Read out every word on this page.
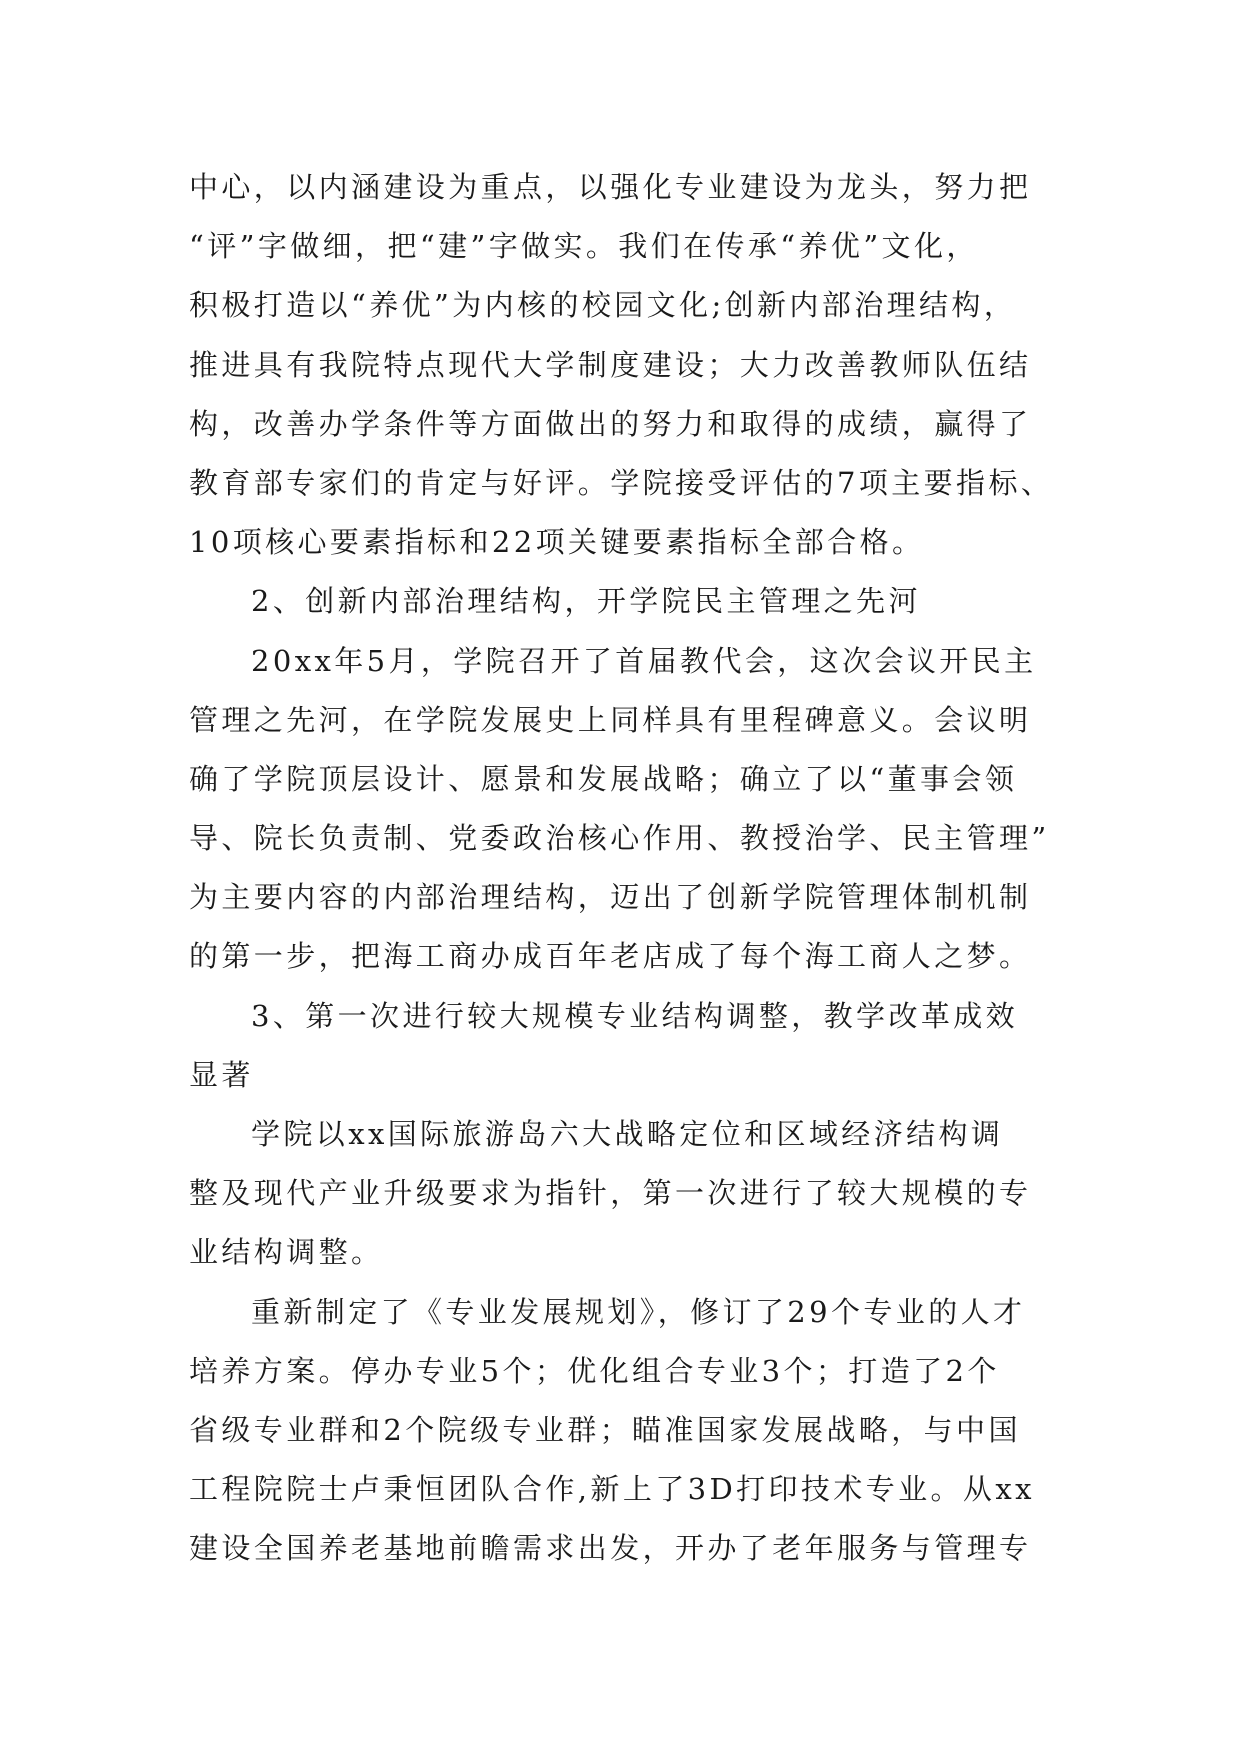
中心，以内涵建设为重点，以强化专业建设为龙头，努力把
“评”字做细，把“建”字做实。我们在传承“养优”文化，
积极打造以“养优”为内核的校园文化;创新内部治理结构，
推进具有我院特点现代大学制度建设；大力改善教师队伍结
构，改善办学条件等方面做出的努力和取得的成绩，赢得了
教育部专家们的肯定与好评。学院接受评估的7项主要指标、
10项核心要素指标和22项关键要素指标全部合格。
2、创新内部治理结构，开学院民主管理之先河
20xx年5月，学院召开了首届教代会，这次会议开民主
管理之先河，在学院发展史上同样具有里程碑意义。会议明
确了学院顶层设计、愿景和发展战略；确立了以“董事会领
导、院长负责制、党委政治核心作用、教授治学、民主管理”
为主要内容的内部治理结构，迈出了创新学院管理体制机制
的第一步，把海工商办成百年老店成了每个海工商人之梦。
3、第一次进行较大规模专业结构调整，教学改革成效
显著
学院以xx国际旅游岛六大战略定位和区域经济结构调
整及现代产业升级要求为指针，第一次进行了较大规模的专
业结构调整。
重新制定了《专业发展规划》，修订了29个专业的人才
培养方案。停办专业5个；优化组合专业3个；打造了2个
省级专业群和2个院级专业群；瞄准国家发展战略，与中国
工程院院士卢秉恒团队合作,新上了3D打印技术专业。从xx
建设全国养老基地前瞻需求出发，开办了老年服务与管理专
